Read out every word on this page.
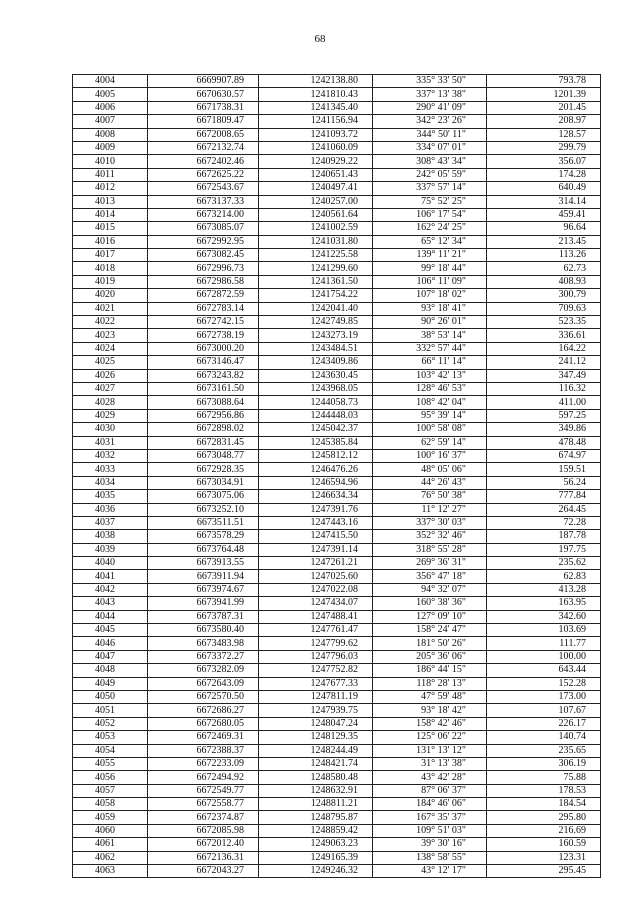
68
4004	6669907.89	1242138.80	335° 33' 50"	793.78
4005	6670630.57	1241810.43	337° 13' 38"	1201.39
4006	6671738.31	1241345.40	290° 41' 09"	201.45
4007	6671809.47	1241156.94	342° 23' 26"	208.97
4008	6672008.65	1241093.72	344° 50' 11"	128.57
4009	6672132.74	1241060.09	334° 07' 01"	299.79
4010	6672402.46	1240929.22	308° 43' 34"	356.07
4011	6672625.22	1240651.43	242° 05' 59"	174.28
4012	6672543.67	1240497.41	337° 57' 14"	640.49
4013	6673137.33	1240257.00	75° 52' 25"	314.14
4014	6673214.00	1240561.64	106° 17' 54"	459.41
4015	6673085.07	1241002.59	162° 24' 25"	96.64
4016	6672992.95	1241031.80	65° 12' 34"	213.45
4017	6673082.45	1241225.58	139° 11' 21"	113.26
4018	6672996.73	1241299.60	99° 18' 44"	62.73
4019	6672986.58	1241361.50	106° 11' 09"	408.93
4020	6672872.59	1241754.22	107° 18' 02"	300.79
4021	6672783.14	1242041.40	93° 18' 41"	709.63
4022	6672742.15	1242749.85	90° 26' 01"	523.35
4023	6672738.19	1243273.19	38° 53' 14"	336.61
4024	6673000.20	1243484.51	332° 57' 44"	164.22
4025	6673146.47	1243409.86	66° 11' 14"	241.12
4026	6673243.82	1243630.45	103° 42' 13"	347.49
4027	6673161.50	1243968.05	128° 46' 53"	116.32
4028	6673088.64	1244058.73	108° 42' 04"	411.00
4029	6672956.86	1244448.03	95° 39' 14"	597.25
4030	6672898.02	1245042.37	100° 58' 08"	349.86
4031	6672831.45	1245385.84	62° 59' 14"	478.48
4032	6673048.77	1245812.12	100° 16' 37"	674.97
4033	6672928.35	1246476.26	48° 05' 06"	159.51
4034	6673034.91	1246594.96	44° 26' 43"	56.24
4035	6673075.06	1246634.34	76° 50' 38"	777.84
4036	6673252.10	1247391.76	11° 12' 27"	264.45
4037	6673511.51	1247443.16	337° 30' 03"	72.28
4038	6673578.29	1247415.50	352° 32' 46"	187.78
4039	6673764.48	1247391.14	318° 55' 28"	197.75
4040	6673913.55	1247261.21	269° 36' 31"	235.62
4041	6673911.94	1247025.60	356° 47' 18"	62.83
4042	6673974.67	1247022.08	94° 32' 07"	413.28
4043	6673941.99	1247434.07	160° 38' 36"	163.95
4044	6673787.31	1247488.41	127° 09' 10"	342.60
4045	6673580.40	1247761.47	158° 24' 47"	103.69
4046	6673483.98	1247799.62	181° 50' 26"	111.77
4047	6673372.27	1247796.03	205° 36' 06"	100.00
4048	6673282.09	1247752.82	186° 44' 15"	643.44
4049	6672643.09	1247677.33	118° 28' 13"	152.28
4050	6672570.50	1247811.19	47° 59' 48"	173.00
4051	6672686.27	1247939.75	93° 18' 42"	107.67
4052	6672680.05	1248047.24	158° 42' 46"	226.17
4053	6672469.31	1248129.35	125° 06' 22"	140.74
4054	6672388.37	1248244.49	131° 13' 12"	235.65
4055	6672233.09	1248421.74	31° 13' 38"	306.19
4056	6672494.92	1248580.48	43° 42' 28"	75.88
4057	6672549.77	1248632.91	87° 06' 37"	178.53
4058	6672558.77	1248811.21	184° 46' 06"	184.54
4059	6672374.87	1248795.87	167° 35' 37"	295.80
4060	6672085.98	1248859.42	109° 51' 03"	216.69
4061	6672012.40	1249063.23	39° 30' 16"	160.59
4062	6672136.31	1249165.39	138° 58' 55"	123.31
4063	6672043.27	1249246.32	43° 12' 17"	295.45
